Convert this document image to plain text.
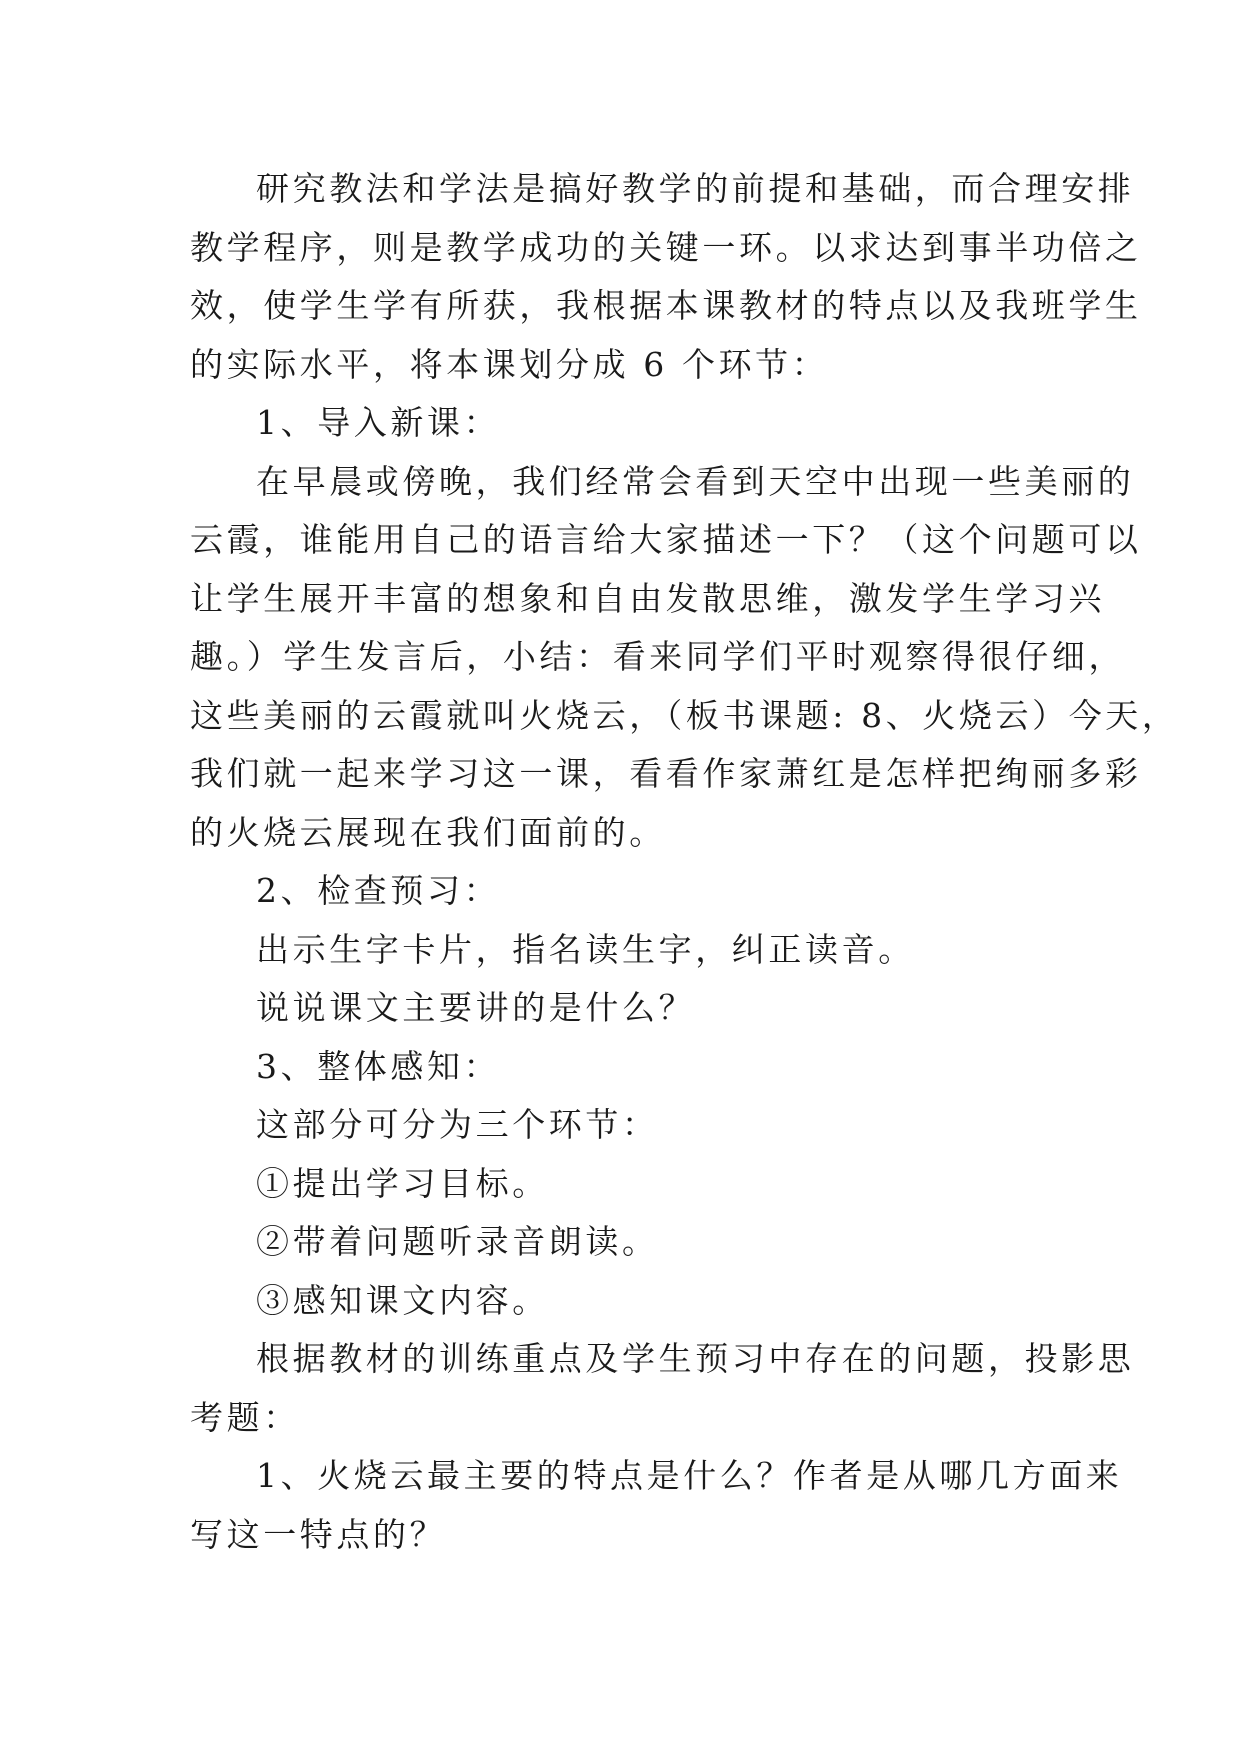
研究教法和学法是搞好教学的前提和基础，而合理安排
教学程序，则是教学成功的关键一环。以求达到事半功倍之
效，使学生学有所获，我根据本课教材的特点以及我班学生
的实际水平，将本课划分成 6 个环节：

1、导入新课：

在早晨或傍晚，我们经常会看到天空中出现一些美丽的
云霞，谁能用自己的语言给大家描述一下？（这个问题可以
让学生展开丰富的想象和自由发散思维，激发学生学习兴
趣。）学生发言后，小结：看来同学们平时观察得很仔细，
这些美丽的云霞就叫火烧云，（板书课题: 8、火烧云）今天，
我们就一起来学习这一课，看看作家萧红是怎样把绚丽多彩
的火烧云展现在我们面前的。

2、检查预习：

出示生字卡片，指名读生字，纠正读音。

说说课文主要讲的是什么？

3、整体感知：

这部分可分为三个环节：

①提出学习目标。

②带着问题听录音朗读。

③感知课文内容。

根据教材的训练重点及学生预习中存在的问题，投影思
考题：

1、火烧云最主要的特点是什么？作者是从哪几方面来
写这一特点的？
